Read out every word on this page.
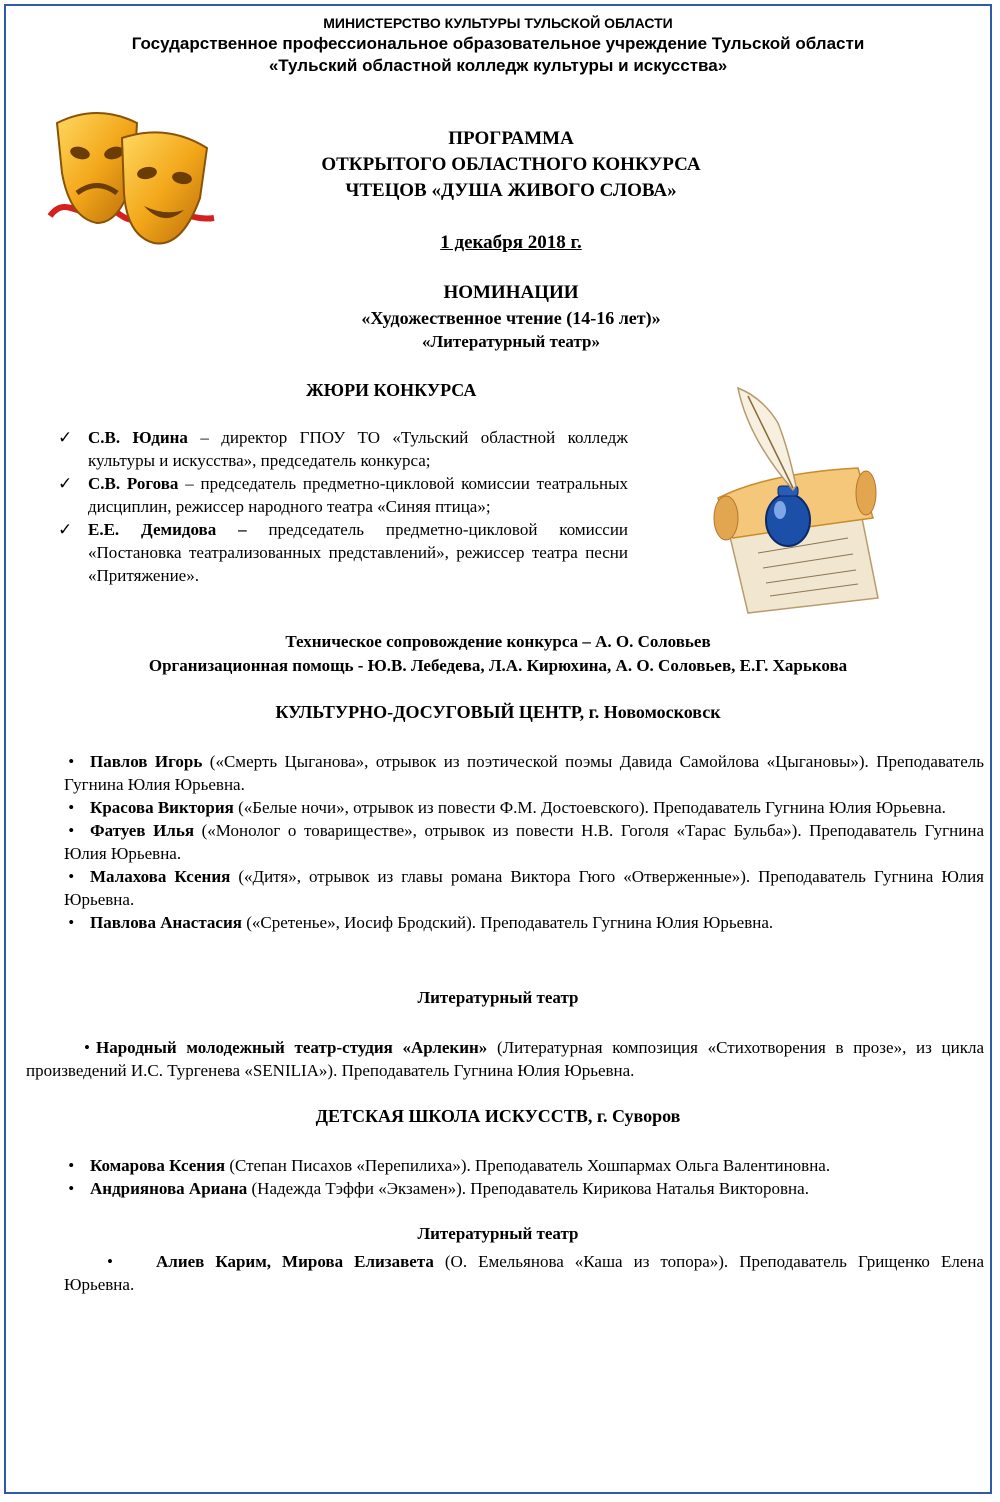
МИНИСТЕРСТВО КУЛЬТУРЫ ТУЛЬСКОЙ ОБЛАСТИ
Государственное профессиональное образовательное учреждение Тульской области
«Тульский областной колледж культуры и искусства»
ПРОГРАММА
ОТКРЫТОГО ОБЛАСТНОГО КОНКУРСА
ЧТЕЦОВ «ДУША ЖИВОГО СЛОВА»
1 декабря 2018 г.
НОМИНАЦИИ
«Художественное чтение (14-16 лет)»
«Литературный театр»
ЖЮРИ КОНКУРСА
✓ С.В. Юдина – директор ГПОУ ТО «Тульский областной колледж культуры и искусства», председатель конкурса;
✓ С.В. Рогова – председатель предметно-цикловой комиссии театральных дисциплин, режиссер народного театра «Синяя птица»;
✓ Е.Е. Демидова – председатель предметно-цикловой комиссии «Постановка театрализованных представлений», режиссер театра песни «Притяжение».
Техническое сопровождение конкурса – А. О. Соловьев
Организационная помощь - Ю.В. Лебедева, Л.А. Кирюхина, А. О. Соловьев, Е.Г. Харькова
КУЛЬТУРНО-ДОСУГОВЫЙ ЦЕНТР, г. Новомосковск
• Павлов Игорь («Смерть Цыганова», отрывок из поэтической поэмы Давида Самойлова «Цыгановы»). Преподаватель Гугнина Юлия Юрьевна.
• Красова Виктория («Белые ночи», отрывок из повести Ф.М. Достоевского). Преподаватель Гугнина Юлия Юрьевна.
• Фатуев Илья («Монолог о товариществе», отрывок из повести Н.В. Гоголя «Тарас Бульба»). Преподаватель Гугнина Юлия Юрьевна.
• Малахова Ксения («Дитя», отрывок из главы романа Виктора Гюго «Отверженные»). Преподаватель Гугнина Юлия Юрьевна.
• Павлова Анастасия («Сретенье», Иосиф Бродский). Преподаватель Гугнина Юлия Юрьевна.
Литературный театр
• Народный молодежный театр-студия «Арлекин» (Литературная композиция «Стихотворения в прозе», из цикла произведений И.С. Тургенева «SENILIA»). Преподаватель Гугнина Юлия Юрьевна.
ДЕТСКАЯ ШКОЛА ИСКУССТВ, г. Суворов
• Комарова Ксения (Степан Писахов «Перепилиха»). Преподаватель Хошпармах Ольга Валентиновна.
• Андриянова Ариана (Надежда Тэффи «Экзамен»). Преподаватель Кирикова Наталья Викторовна.
Литературный театр
•	Алиев Карим, Мирова Елизавета (О. Емельянова «Каша из топора»). Преподаватель Грищенко Елена Юрьевна.
